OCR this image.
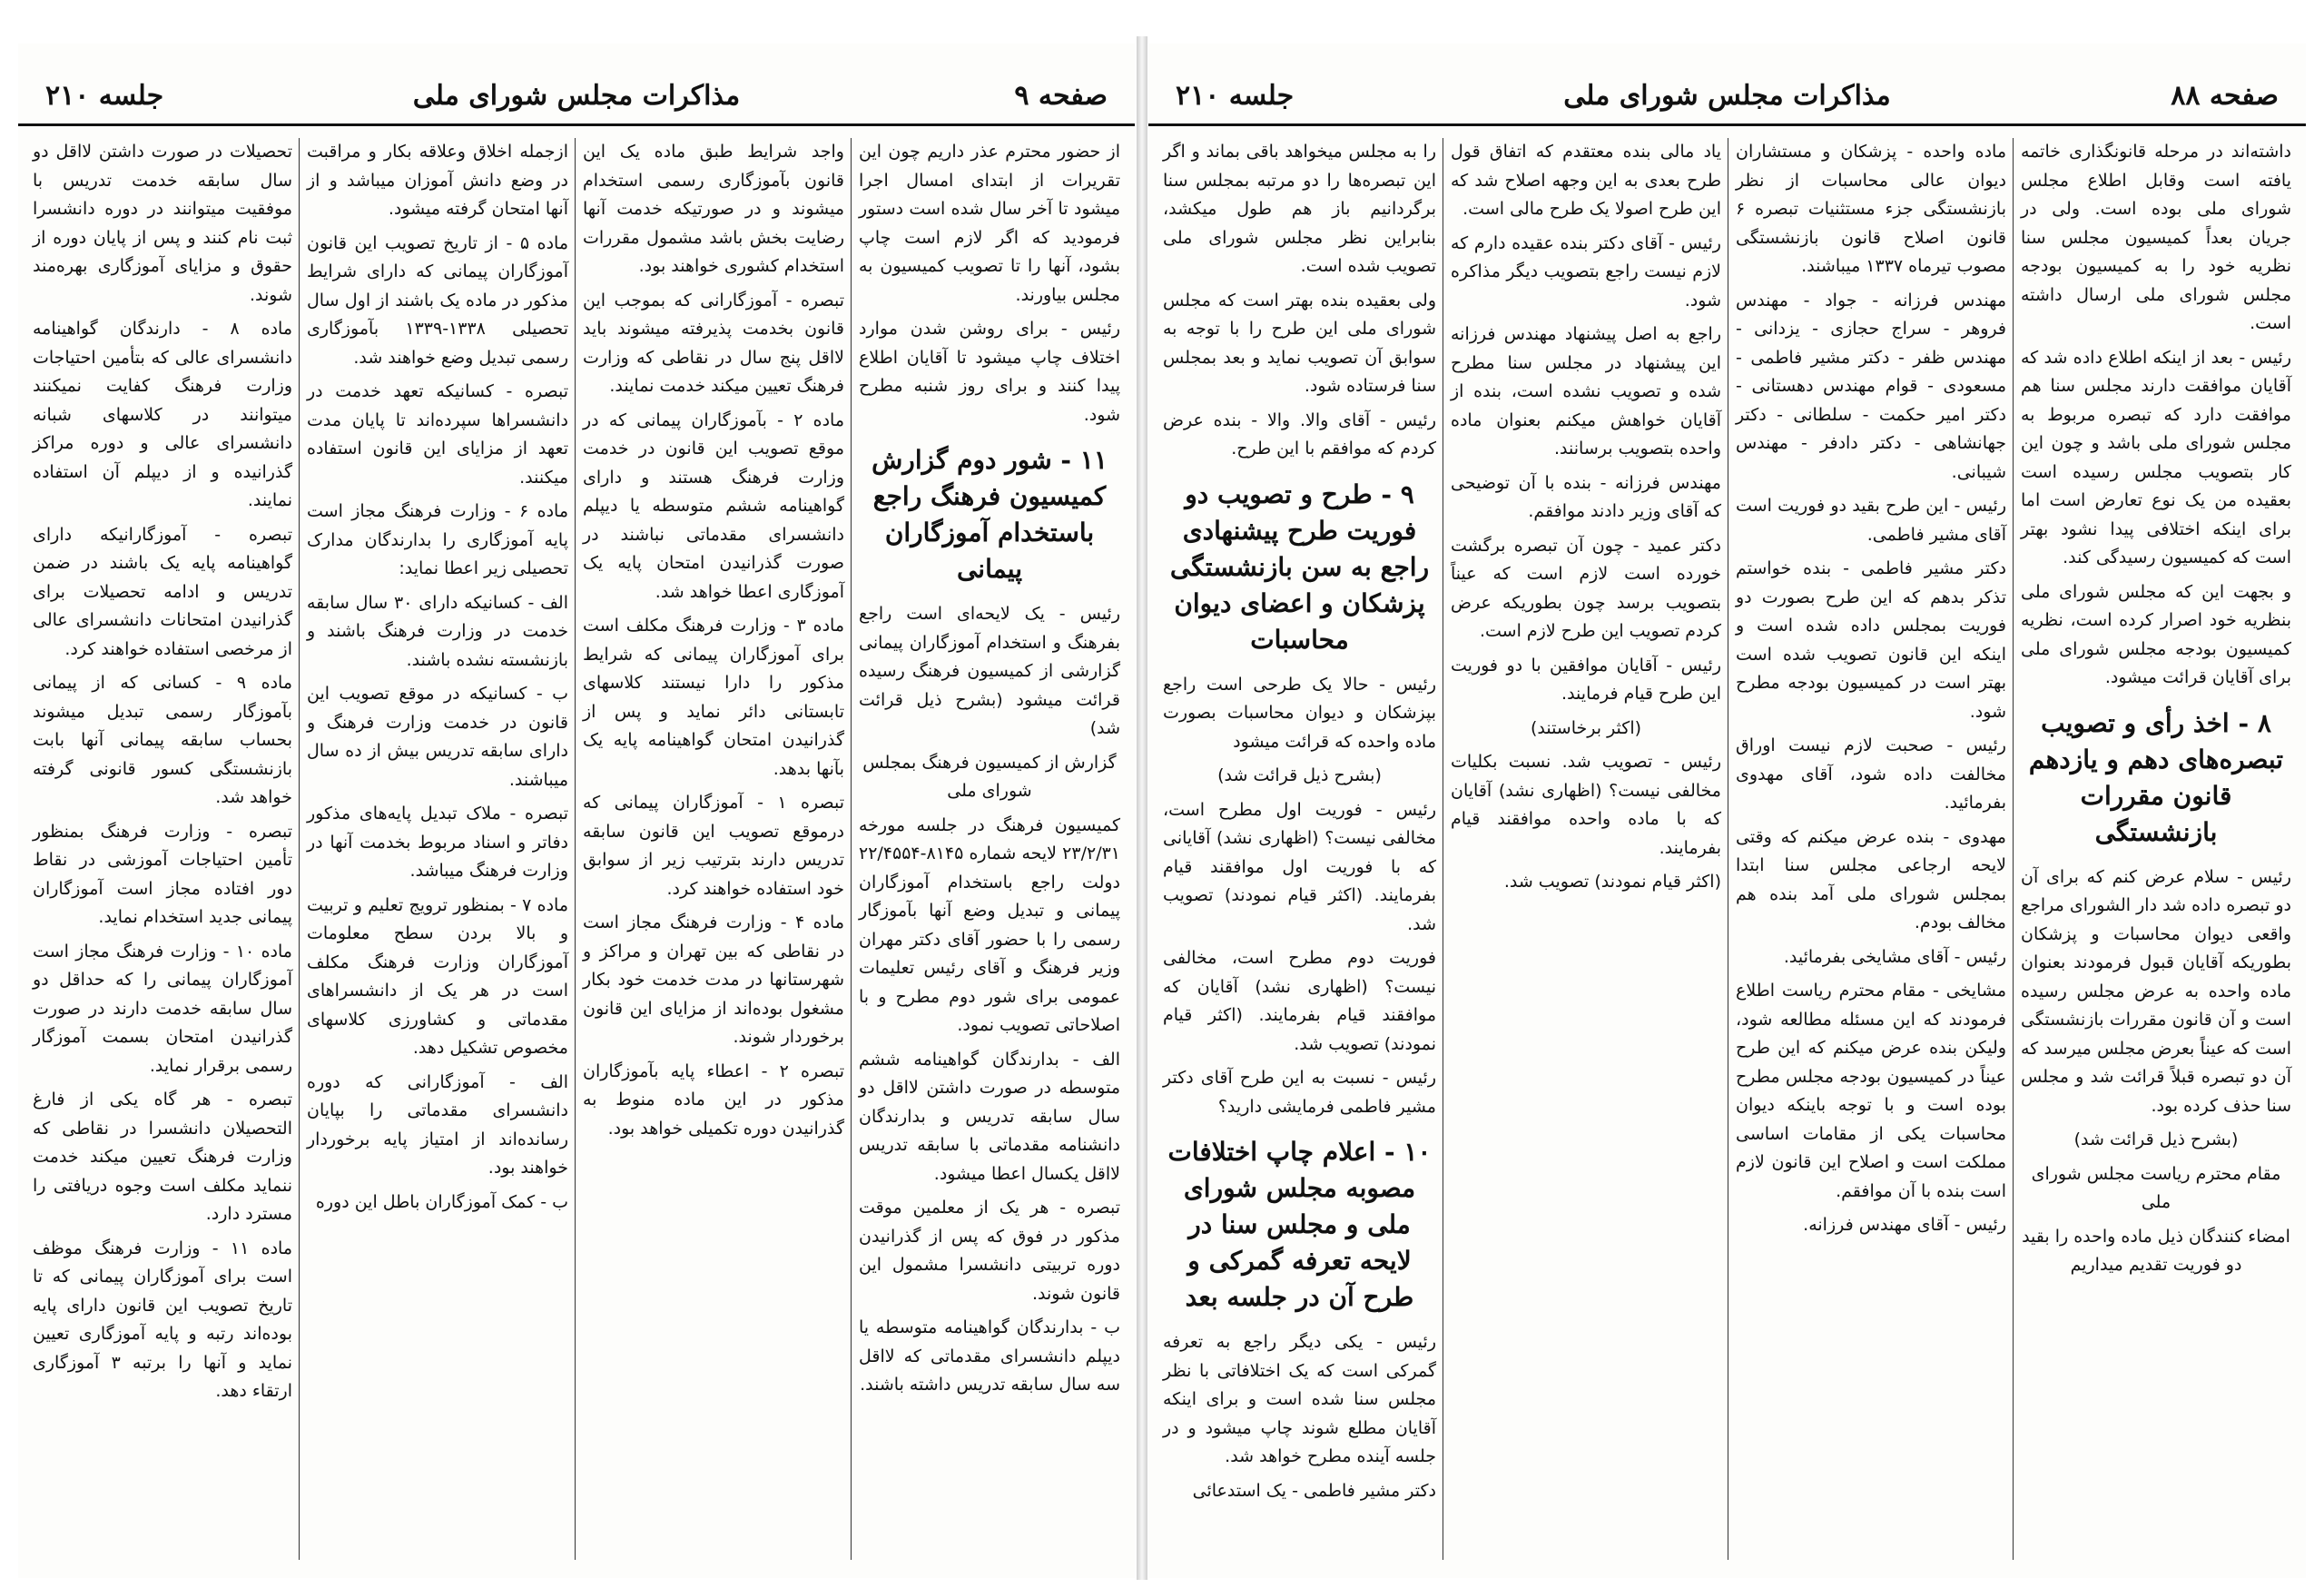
صفحه ۹
مذاکرات مجلس شورای ملی
جلسه ۲۱۰

از حضور محترم عذر داریم چون این تقریرات از ابتدای امسال اجرا میشود تا آخر سال شده است دستور فرمودید که اگر لازم است چاپ بشود، آنها را تا تصویب کمیسیون به مجلس بیاورند.

رئیس - برای روشن شدن موارد اختلاف چاپ میشود تا آقایان اطلاع پیدا کنند و برای روز شنبه مطرح شود.

۱۱ - شور دوم گزارش کمیسیون فرهنگ راجع باستخدام آموزگاران پیمانی

رئیس - یک لایحه‌ای است راجع بفرهنگ و استخدام آموزگاران پیمانی گزارشی از کمیسیون فرهنگ رسیده قرائت میشود (بشرح ذیل قرائت شد)

گزارش از کمیسیون فرهنگ بمجلس شورای ملی

کمیسیون فرهنگ در جلسه مورخه ۲۳/۲/۳۱ لایحه شماره ۸۱۴۵-۲۲/۴۵۵۴ دولت راجع باستخدام آموزگاران پیمانی و تبدیل وضع آنها بآموزگار رسمی را با حضور آقای دکتر مهران وزیر فرهنگ و آقای رئیس تعلیمات عمومی برای شور دوم مطرح و با اصلاحاتی تصویب نمود.

الف - بدارندگان گواهینامه ششم متوسطه در صورت داشتن لااقل دو سال سابقه تدریس و بدارندگان دانشنامه مقدماتی با سابقه تدریس لااقل یکسال اعطا میشود.

تبصره - هر یک از معلمین موقت مذکور در فوق که پس از گذرانیدن دوره تربیتی دانشسرا مشمول این قانون شوند.

ب - بدارندگان گواهینامه متوسطه یا دیپلم دانشسرای مقدماتی که لااقل سه سال سابقه تدریس داشته باشند.

واجد شرایط طبق ماده یک این قانون بآموزگاری رسمی استخدام میشوند و در صورتیکه خدمت آنها رضایت بخش باشد مشمول مقررات استخدام کشوری خواهند بود.

تبصره - آموزگارانی که بموجب این قانون بخدمت پذیرفته میشوند باید لااقل پنج سال در نقاطی که وزارت فرهنگ تعیین میکند خدمت نمایند.

ماده ۲ - بآموزگاران پیمانی که در موقع تصویب این قانون در خدمت وزارت فرهنگ هستند و دارای گواهینامه ششم متوسطه یا دیپلم دانشسرای مقدماتی نباشند در صورت گذرانیدن امتحان پایه یک آموزگاری اعطا خواهد شد.

ماده ۳ - وزارت فرهنگ مکلف است برای آموزگاران پیمانی که شرایط مذکور را دارا نیستند کلاسهای تابستانی دائر نماید و پس از گذرانیدن امتحان گواهینامه پایه یک بآنها بدهد.

تبصره ۱ - آموزگاران پیمانی که درموقع تصویب این قانون سابقه تدریس دارند بترتیب زیر از سوابق خود استفاده خواهند کرد.

ماده ۴ - وزارت فرهنگ مجاز است در نقاطی که بین تهران و مراکز و شهرستانها در مدت خدمت خود بکار مشغول بوده‌اند از مزایای این قانون برخوردار شوند.

تبصره ۲ - اعطاء پایه بآموزگاران مذکور در این ماده منوط به گذرانیدن دوره تکمیلی خواهد بود.

ازجمله اخلاق وعلاقه بکار و مراقبت در وضع دانش آموزان میباشد و از آنها امتحان گرفته میشود.

ماده ۵ - از تاریخ تصویب این قانون آموزگاران پیمانی که دارای شرایط مذکور در ماده یک باشند از اول سال تحصیلی ۱۳۳۸-۱۳۳۹ بآموزگاری رسمی تبدیل وضع خواهند شد.

تبصره - کسانیکه تعهد خدمت در دانشسراها سپرده‌اند تا پایان مدت تعهد از مزایای این قانون استفاده میکنند.

ماده ۶ - وزارت فرهنگ مجاز است پایه آموزگاری را بدارندگان مدارک تحصیلی زیر اعطا نماید:

الف - کسانیکه دارای ۳۰ سال سابقه خدمت در وزارت فرهنگ باشند و بازنشسته نشده باشند.

ب - کسانیکه در موقع تصویب این قانون در خدمت وزارت فرهنگ و دارای سابقه تدریس بیش از ده سال میباشند.

تبصره - ملاک تبدیل پایه‌های مذکور دفاتر و اسناد مربوط بخدمت آنها در وزارت فرهنگ میباشد.

ماده ۷ - بمنظور ترویج تعلیم و تربیت و بالا بردن سطح معلومات آموزگاران وزارت فرهنگ مکلف است در هر یک از دانشسراهای مقدماتی و کشاورزی کلاسهای مخصوص تشکیل دهد.

الف - آموزگارانی که دوره دانشسرای مقدماتی را بپایان رسانده‌اند از امتیاز پایه برخوردار خواهند بود.

ب - کمک آموزگاران باطل این دوره

تحصیلات در صورت داشتن لااقل دو سال سابقه خدمت تدریس با موفقیت میتوانند در دوره دانشسرا ثبت نام کنند و پس از پایان دوره از حقوق و مزایای آموزگاری بهره‌مند شوند.

ماده ۸ - دارندگان گواهینامه دانشسرای عالی که بتأمین احتیاجات وزارت فرهنگ کفایت نمیکنند میتوانند در کلاسهای شبانه دانشسرای عالی و دوره مراکز گذرانیده و از دیپلم آن استفاده نمایند.

تبصره - آموزگارانیکه دارای گواهینامه پایه یک باشند در ضمن تدریس و ادامه تحصیلات برای گذرانیدن امتحانات دانشسرای عالی از مرخصی استفاده خواهند کرد.

ماده ۹ - کسانی که از پیمانی بآموزگار رسمی تبدیل میشوند بحساب سابقه پیمانی آنها بابت بازنشستگی کسور قانونی گرفته خواهد شد.

تبصره - وزارت فرهنگ بمنظور تأمین احتیاجات آموزشی در نقاط دور افتاده مجاز است آموزگاران پیمانی جدید استخدام نماید.

ماده ۱۰ - وزارت فرهنگ مجاز است آموزگاران پیمانی را که حداقل دو سال سابقه خدمت دارند در صورت گذرانیدن امتحان بسمت آموزگار رسمی برقرار نماید.

تبصره - هر گاه یکی از فارغ التحصیلان دانشسرا در نقاطی که وزارت فرهنگ تعیین میکند خدمت ننماید مکلف است وجوه دریافتی را مسترد دارد.

ماده ۱۱ - وزارت فرهنگ موظف است برای آموزگاران پیمانی که تا تاریخ تصویب این قانون دارای پایه بوده‌اند رتبه و پایه آموزگاری تعیین نماید و آنها را برتبه ۳ آموزگاری ارتقاء دهد.

صفحه ۸۸
مذاکرات مجلس شورای ملی
جلسه ۲۱۰

داشته‌اند در مرحله قانونگذاری خاتمه یافته است وقابل اطلاع مجلس شورای ملی بوده است. ولی در جریان بعداً کمیسیون مجلس سنا نظریه خود را به کمیسیون بودجه مجلس شورای ملی ارسال داشته است.

رئیس - بعد از اینکه اطلاع داده شد که آقایان موافقت دارند مجلس سنا هم موافقت دارد که تبصره مربوط به مجلس شورای ملی باشد و چون این کار بتصویب مجلس رسیده است بعقیده من یک نوع تعارض است اما برای اینکه اختلافی پیدا نشود بهتر است که کمیسیون رسیدگی کند.

و بجهت این که مجلس شورای ملی بنظریه خود اصرار کرده است، نظریه کمیسیون بودجه مجلس شورای ملی برای آقایان قرائت میشود.

۸ - اخذ رأی و تصویب تبصره‌های دهم و یازدهم قانون مقررات بازنشستگی

رئیس - سلام عرض کنم که برای آن دو تبصره داده شد دار الشورای مراجع واقعی دیوان محاسبات و پزشکان بطوریکه آقایان قبول فرمودند بعنوان ماده واحده به عرض مجلس رسیده است و آن قانون مقررات بازنشستگی است که عیناً بعرض مجلس میرسد که آن دو تبصره قبلاً قرائت شد و مجلس سنا حذف کرده بود.

(بشرح ذیل قرائت شد)

مقام محترم ریاست مجلس شورای ملی

امضاء کنندگان ذیل ماده واحده را بقید دو فوریت تقدیم میداریم

ماده واحده - پزشکان و مستشاران دیوان عالی محاسبات از نظر بازنشستگی جزء مستثنیات تبصره ۶ قانون اصلاح قانون بازنشستگی مصوب تیرماه ۱۳۳۷ میباشند.

مهندس فرزانه - جواد - مهندس فروهر - سراج حجازی - یزدانی - مهندس ظفر - دکتر مشیر فاطمی - مسعودی - قوام مهندس دهستانی - دکتر امیر حکمت - سلطانی - دکتر جهانشاهی - دکتر دادفر - مهندس شیبانی.

رئیس - این طرح بقید دو فوریت است آقای مشیر فاطمی.

دکتر مشیر فاطمی - بنده خواستم تذکر بدهم که این طرح بصورت دو فوریت بمجلس داده شده است و اینکه این قانون تصویب شده است بهتر است در کمیسیون بودجه مطرح شود.

رئیس - صحبت لازم نیست اوراق مخالفت داده شود، آقای مهدوی بفرمائید.

مهدوی - بنده عرض میکنم که وقتی لایحه ارجاعی مجلس سنا ابتدا بمجلس شورای ملی آمد بنده هم مخالف بودم.

رئیس - آقای مشایخی بفرمائید.

مشایخی - مقام محترم ریاست اطلاع فرمودند که این مسئله مطالعه شود، ولیکن بنده عرض میکنم که این طرح عیناً در کمیسیون بودجه مجلس مطرح بوده است و با توجه باینکه دیوان محاسبات یکی از مقامات اساسی مملکت است و اصلاح این قانون لازم است بنده با آن موافقم.

رئیس - آقای مهندس فرزانه.

یاد مالی بنده معتقدم که اتفاق قول طرح بعدی به این وجهه اصلاح شد که این طرح اصولا یک طرح مالی است.

رئیس - آقای دکتر بنده عقیده دارم که لازم نیست راجع بتصویب دیگر مذاکره شود.

راجع به اصل پیشنهاد مهندس فرزانه این پیشنهاد در مجلس سنا مطرح شده و تصویب نشده است، بنده از آقایان خواهش میکنم بعنوان ماده واحده بتصویب برسانند.

مهندس فرزانه - بنده با آن توضیحی که آقای وزیر دادند موافقم.

دکتر عمید - چون آن تبصره برگشت خورده است لازم است که عیناً بتصویب برسد چون بطوریکه عرض کردم تصویب این طرح لازم است.

رئیس - آقایان موافقین با دو فوریت این طرح قیام فرمایند.

(اکثر برخاستند)

رئیس - تصویب شد. نسبت بکلیات مخالفی نیست؟ (اظهاری نشد) آقایان که با ماده واحده موافقند قیام بفرمایند.

(اکثر قیام نمودند) تصویب شد.

را به مجلس میخواهد باقی بماند و اگر این تبصره‌ها را دو مرتبه بمجلس سنا برگردانیم باز هم طول میکشد، بنابراین نظر مجلس شورای ملی تصویب شده است.

ولی بعقیده بنده بهتر است که مجلس شورای ملی این طرح را با توجه به سوابق آن تصویب نماید و بعد بمجلس سنا فرستاده شود.

رئیس - آقای والا. والا - بنده عرض کردم که موافقم با این طرح.

۹ - طرح و تصویب دو فوریت طرح پیشنهادی راجع به سن بازنشستگی پزشکان و اعضای دیوان محاسبات

رئیس - حالا یک طرحی است راجع بپزشکان و دیوان محاسبات بصورت ماده واحده که قرائت میشود

(بشرح ذیل قرائت شد)

رئیس - فوریت اول مطرح است، مخالفی نیست؟ (اظهاری نشد) آقایانی که با فوریت اول موافقند قیام بفرمایند. (اکثر قیام نمودند) تصویب شد.

فوریت دوم مطرح است، مخالفی نیست؟ (اظهاری نشد) آقایان که موافقند قیام بفرمایند. (اکثر قیام نمودند) تصویب شد.

رئیس - نسبت به این طرح آقای دکتر مشیر فاطمی فرمایشی دارید؟

۱۰ - اعلام چاپ اختلافات مصوبه مجلس شورای ملی و مجلس سنا در لایحه تعرفه گمرکی و طرح آن در جلسه بعد

رئیس - یکی دیگر راجع به تعرفه گمرکی است که یک اختلافاتی با نظر مجلس سنا شده است و برای اینکه آقایان مطلع شوند چاپ میشود و در جلسه آینده مطرح خواهد شد.

دکتر مشیر فاطمی - یک استدعائی
